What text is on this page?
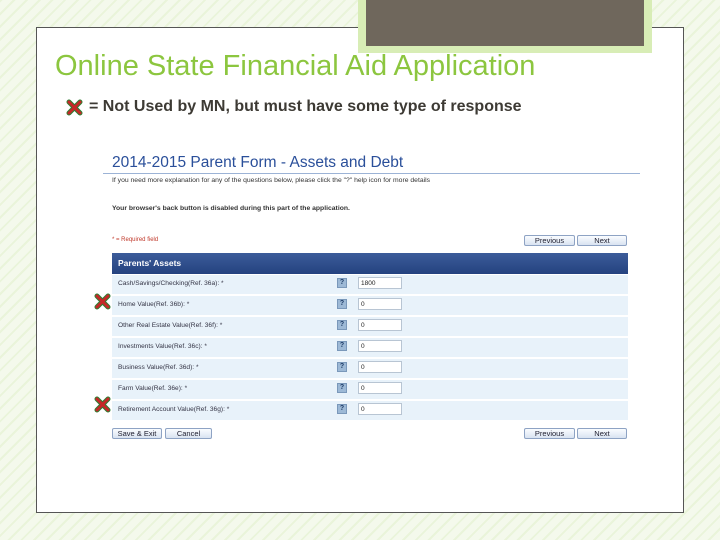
Online State Financial Aid Application
= Not Used by MN, but must have some type of response
2014-2015 Parent Form - Assets and Debt
If you need more explanation for any of the questions below, please click the "?" help icon for more details
Your browser's back button is disabled during this part of the application.
* = Required field	Previous	Next
Parents' Assets
Cash/Savings/Checking(Ref. 36a): *	?
1800
Home Value(Ref. 36b): *	?
0
Other Real Estate Value(Ref. 36f): *	?
0
Investments Value(Ref. 36c): *	?
0
Business Value(Ref. 36d): *	?
0
Farm Value(Ref. 36e): *	?
0
Retirement Account Value(Ref. 36g): *	?
0
Save & Exit	Cancel	Previous	Next
